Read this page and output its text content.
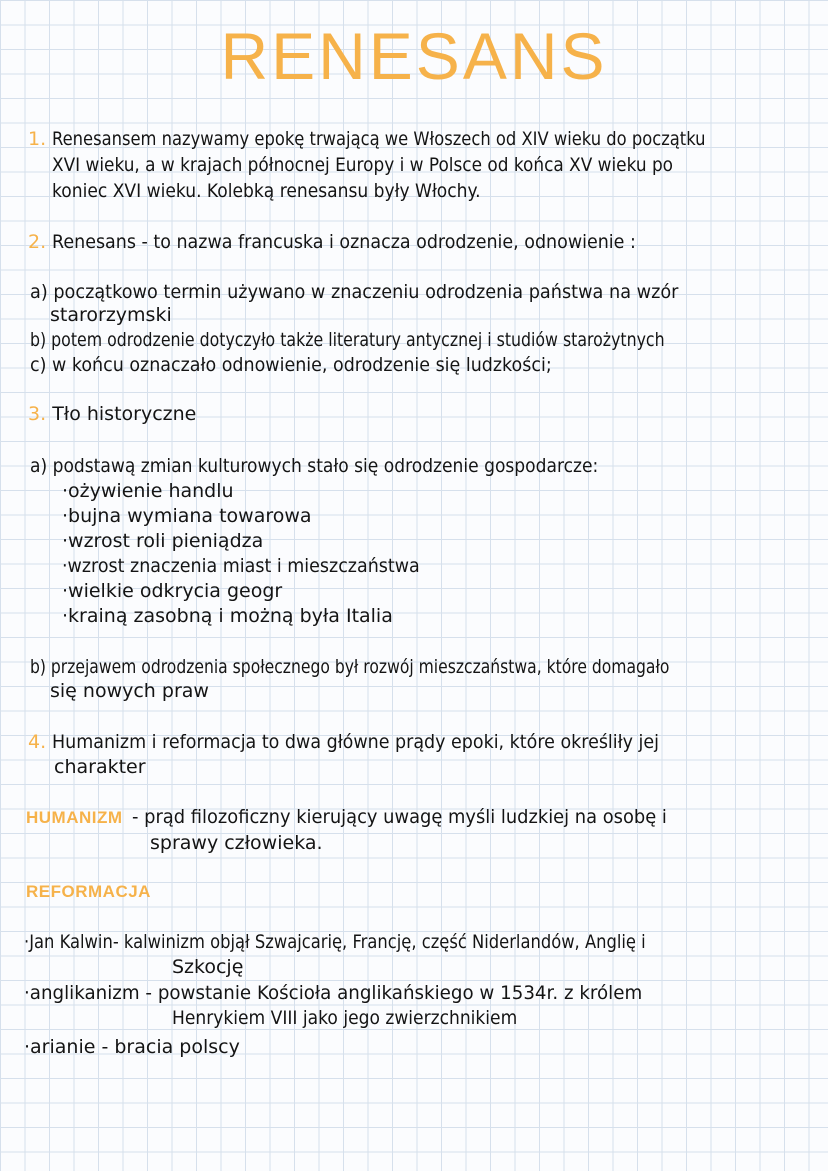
RENESANS
1. Renesansem nazywamy epokę trwającą we Włoszech od XIV wieku do początku
XVI wieku, a w krajach północnej Europy i w Polsce od końca XV wieku po
koniec XVI wieku. Kolebką renesansu były Włochy.
2. Renesans - to nazwa francuska i oznacza odrodzenie, odnowienie :
a) początkowo termin używano w znaczeniu odrodzenia państwa na wzór
starorzymski
b) potem odrodzenie dotyczyło także literatury antycznej i studiów starożytnych
c) w końcu oznaczało odnowienie, odrodzenie się ludzkości;
3. Tło historyczne
a) podstawą zmian kulturowych stało się odrodzenie gospodarcze:
·ożywienie handlu
·bujna wymiana towarowa
·wzrost roli pieniądza
·wzrost znaczenia miast i mieszczaństwa
·wielkie odkrycia geogr
·krainą zasobną i możną była Italia
b) przejawem odrodzenia społecznego był rozwój mieszczaństwa, które domagało
się nowych praw
4. Humanizm i reformacja to dwa główne prądy epoki, które określiły jej
charakter
HUMANIZM - prąd filozoficzny kierujący uwagę myśli ludzkiej na osobę i
sprawy człowieka.
REFORMACJA
·Jan Kalwin- kalwinizm objął Szwajcarię, Francję, część Niderlandów, Anglię i
Szkocję
·anglikanizm - powstanie Kościoła anglikańskiego w 1534r. z królem
Henrykiem VIII jako jego zwierzchnikiem
·arianie - bracia polscy
